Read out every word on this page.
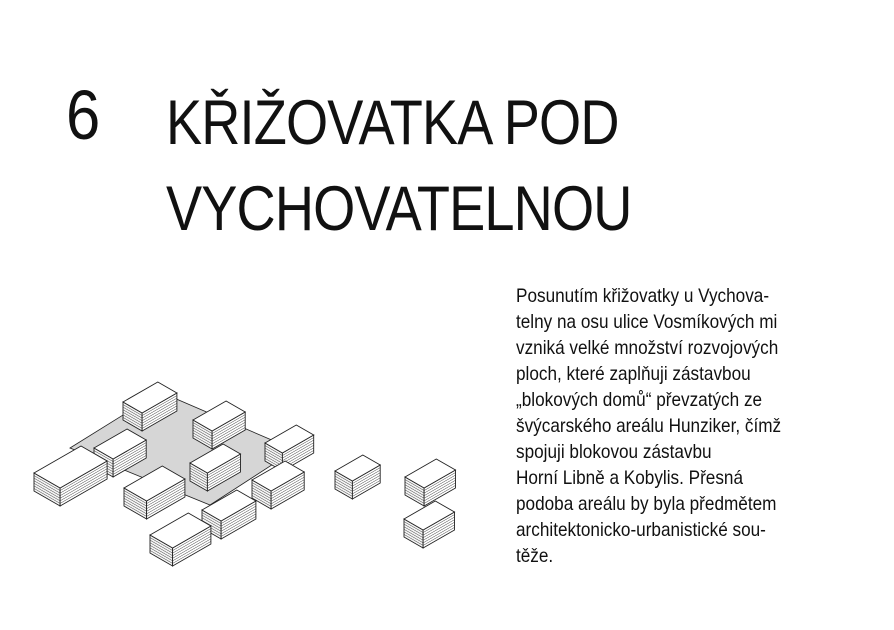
6 KŘIŽOVATKA POD
VYCHOVATELNOU
Posunutím křižovatky u Vychova-
telny na osu ulice Vosmíkových mi
vzniká velké množství rozvojových
ploch, které zaplňuji zástavbou
„blokových domů“ převzatých ze
švýcarského areálu Hunziker, čímž
spojuji blokovou zástavbu
Horní Libně a Kobylis. Přesná
podoba areálu by byla předmětem
architektonicko-urbanistické sou-
těže.
